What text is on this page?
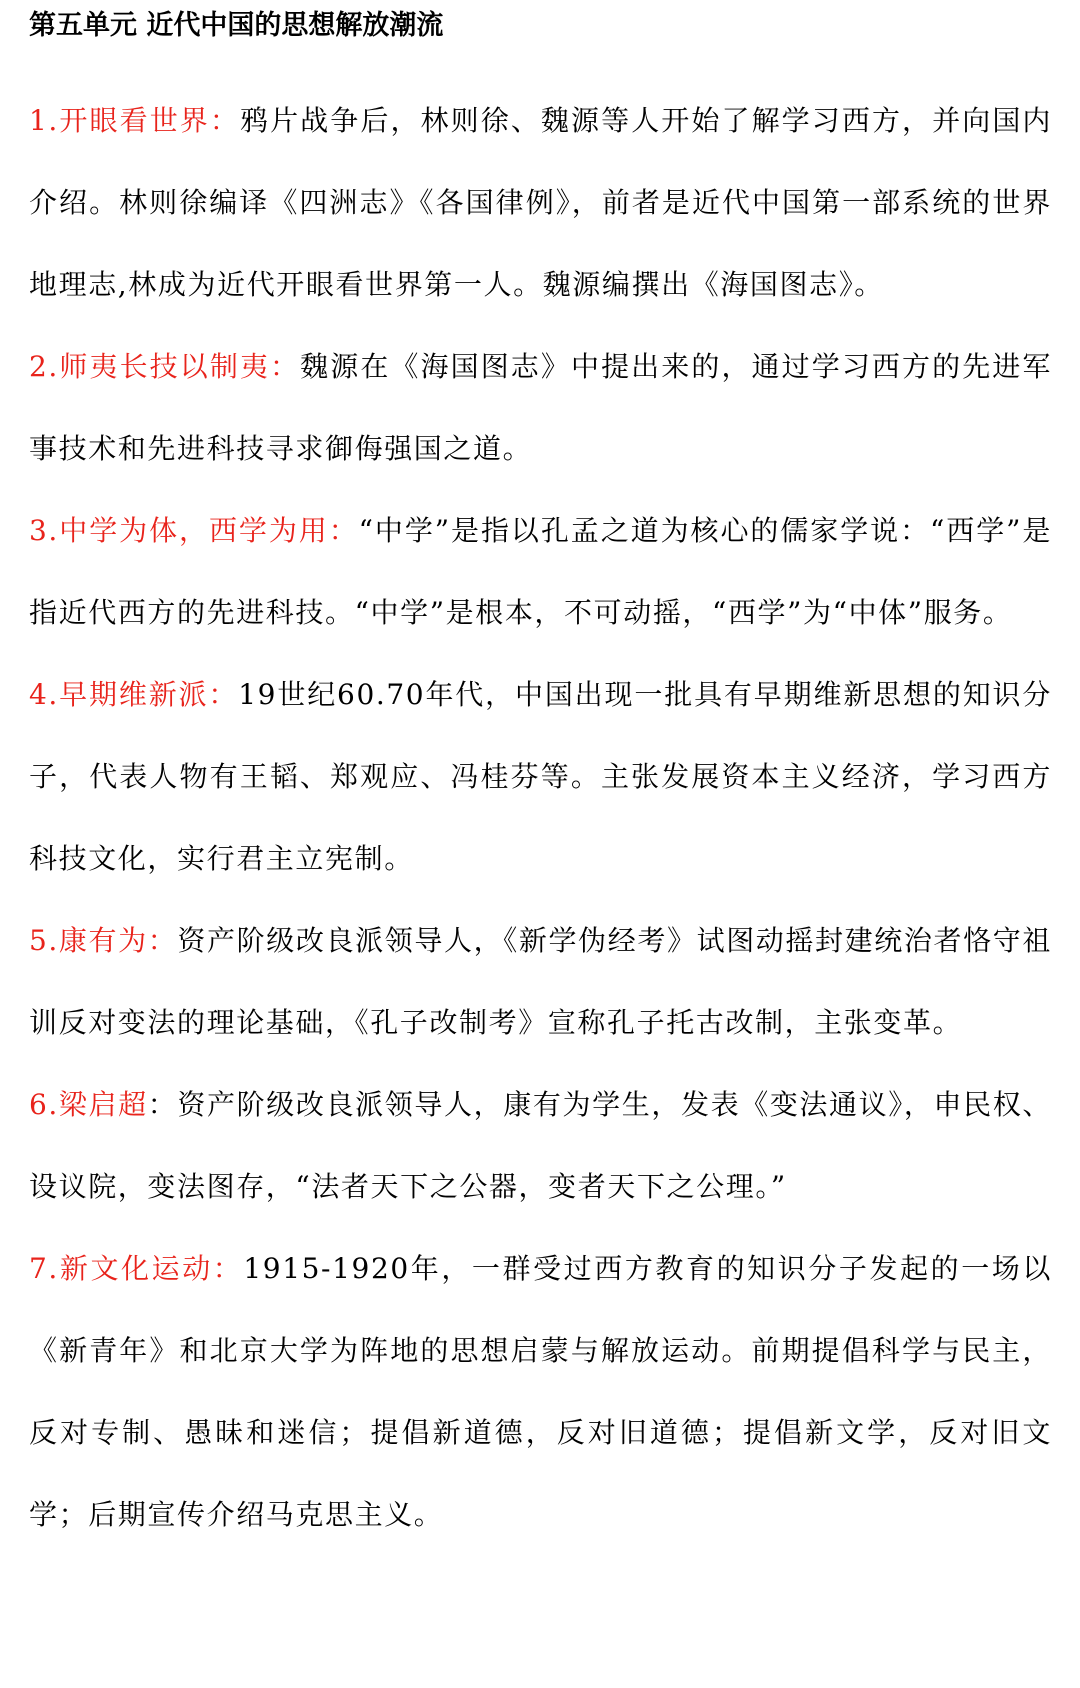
第五单元 近代中国的思想解放潮流

1.开眼看世界：鸦片战争后，林则徐、魏源等人开始了解学习西方，并向国内介绍。林则徐编译《四洲志》《各国律例》，前者是近代中国第一部系统的世界地理志,林成为近代开眼看世界第一人。魏源编撰出《海国图志》。

2.师夷长技以制夷：魏源在《海国图志》中提出来的，通过学习西方的先进军事技术和先进科技寻求御侮强国之道。

3.中学为体，西学为用：“中学”是指以孔孟之道为核心的儒家学说：“西学”是指近代西方的先进科技。“中学”是根本，不可动摇，“西学”为“中体”服务。

4.早期维新派：19世纪60.70年代，中国出现一批具有早期维新思想的知识分子，代表人物有王韬、郑观应、冯桂芬等。主张发展资本主义经济，学习西方科技文化，实行君主立宪制。

5.康有为：资产阶级改良派领导人，《新学伪经考》试图动摇封建统治者恪守祖训反对变法的理论基础，《孔子改制考》宣称孔子托古改制，主张变革。

6.梁启超：资产阶级改良派领导人，康有为学生，发表《变法通议》，申民权、设议院，变法图存，“法者天下之公器，变者天下之公理。”

7.新文化运动：1915-1920年，一群受过西方教育的知识分子发起的一场以《新青年》和北京大学为阵地的思想启蒙与解放运动。前期提倡科学与民主，反对专制、愚昧和迷信；提倡新道德，反对旧道德；提倡新文学，反对旧文学；后期宣传介绍马克思主义。
